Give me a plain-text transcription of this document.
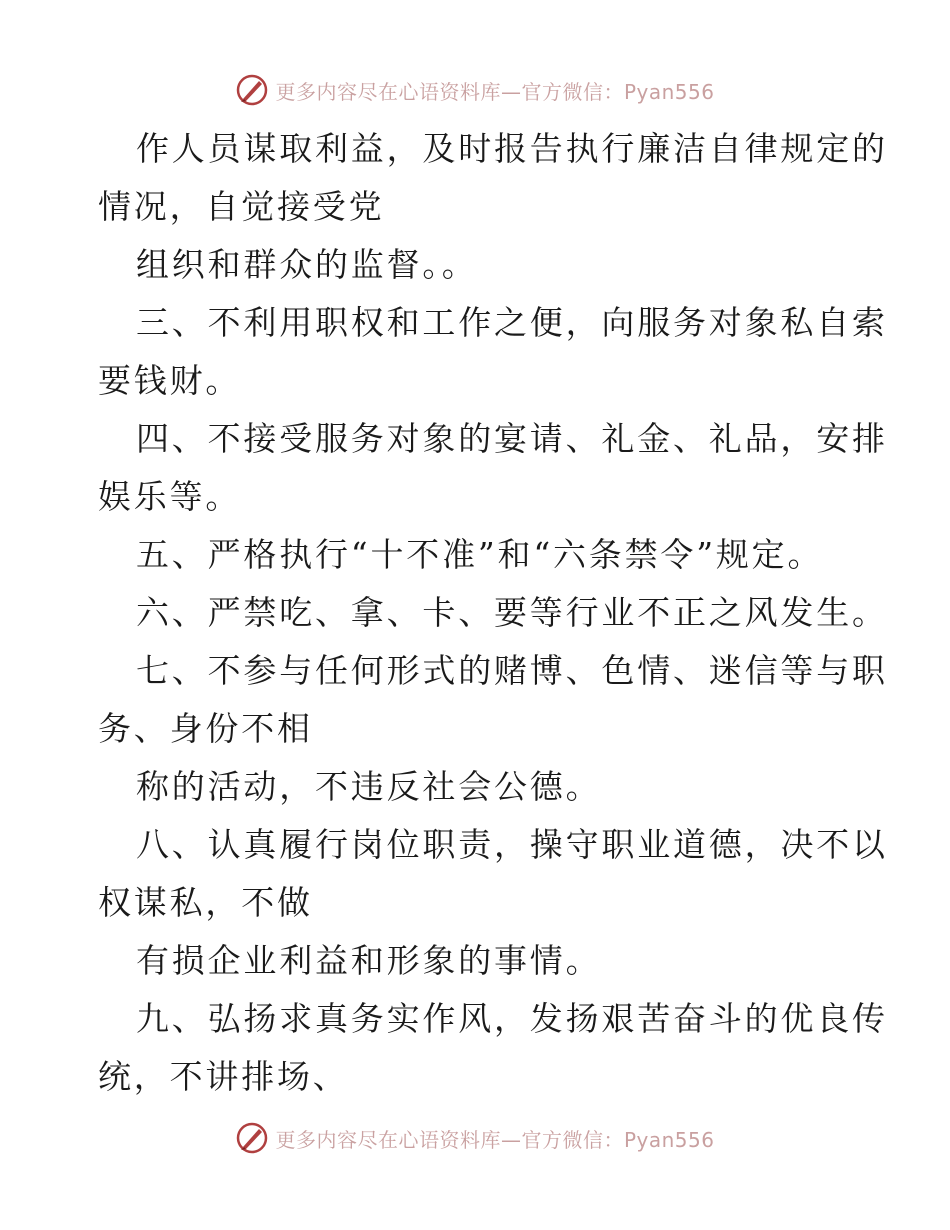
更多内容尽在心语资料库—官方微信：Pyan556
作人员谋取利益，及时报告执行廉洁自律规定的
情况，自觉接受党
组织和群众的监督。。
三、不利用职权和工作之便，向服务对象私自索
要钱财。
四、不接受服务对象的宴请、礼金、礼品，安排
娱乐等。
五、严格执行“十不准”和“六条禁令”规定。
六、严禁吃、拿、卡、要等行业不正之风发生。
七、不参与任何形式的赌博、色情、迷信等与职
务、身份不相
称的活动，不违反社会公德。
八、认真履行岗位职责，操守职业道德，决不以
权谋私，不做
有损企业利益和形象的事情。
九、弘扬求真务实作风，发扬艰苦奋斗的优良传
统，不讲排场、
更多内容尽在心语资料库—官方微信：Pyan556
